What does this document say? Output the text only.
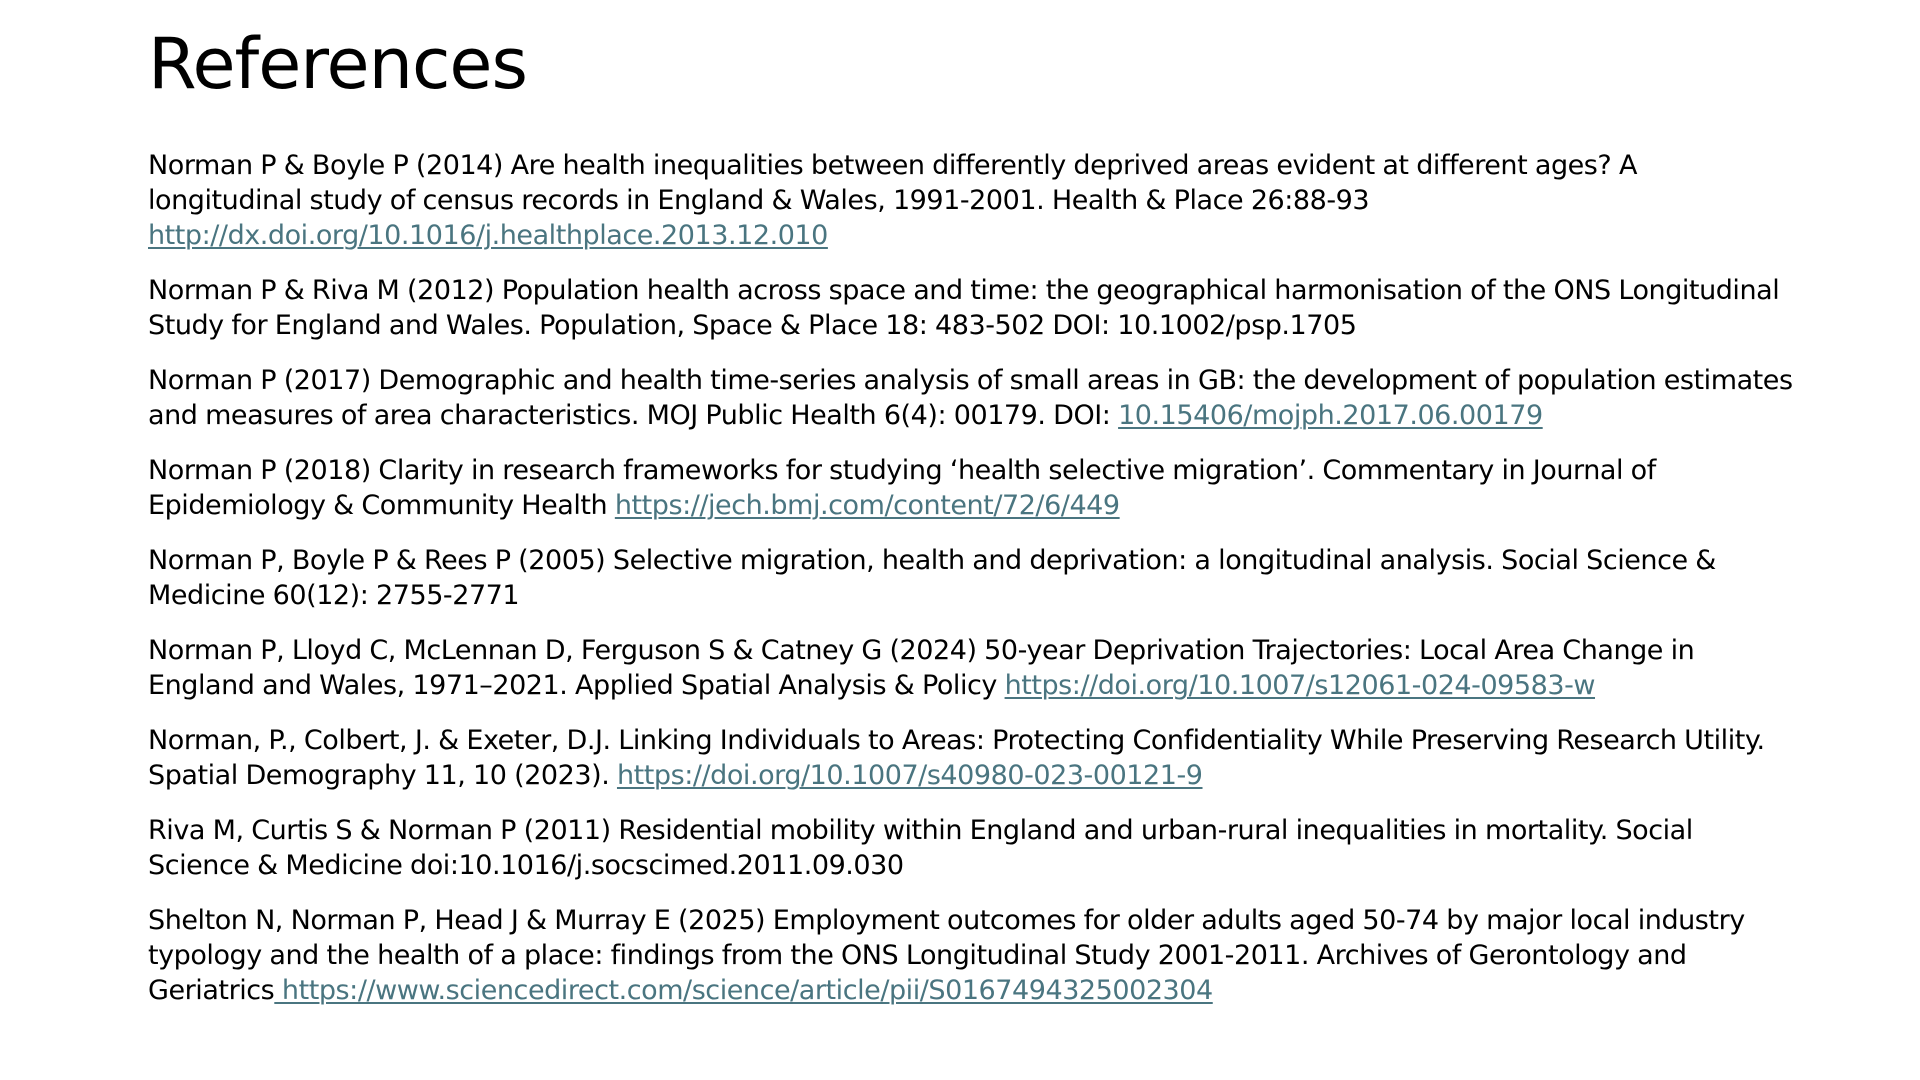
References
Norman P & Boyle P (2014) Are health inequalities between differently deprived areas evident at different ages? A longitudinal study of census records in England & Wales, 1991-2001. Health & Place 26:88-93
http://dx.doi.org/10.1016/j.healthplace.2013.12.010
Norman P & Riva M (2012) Population health across space and time: the geographical harmonisation of the ONS Longitudinal Study for England and Wales. Population, Space & Place 18: 483-502 DOI: 10.1002/psp.1705
Norman P (2017) Demographic and health time-series analysis of small areas in GB: the development of population estimates and measures of area characteristics. MOJ Public Health 6(4): 00179. DOI: 10.15406/mojph.2017.06.00179
Norman P (2018) Clarity in research frameworks for studying ‘health selective migration’. Commentary in Journal of Epidemiology & Community Health https://jech.bmj.com/content/72/6/449
Norman P, Boyle P & Rees P (2005) Selective migration, health and deprivation: a longitudinal analysis. Social Science & Medicine 60(12): 2755-2771
Norman P, Lloyd C, McLennan D, Ferguson S & Catney G (2024) 50-year Deprivation Trajectories: Local Area Change in England and Wales, 1971–2021. Applied Spatial Analysis & Policy https://doi.org/10.1007/s12061-024-09583-w
Norman, P., Colbert, J. & Exeter, D.J. Linking Individuals to Areas: Protecting Confidentiality While Preserving Research Utility. Spatial Demography 11, 10 (2023). https://doi.org/10.1007/s40980-023-00121-9
Riva M, Curtis S & Norman P (2011) Residential mobility within England and urban-rural inequalities in mortality. Social Science & Medicine doi:10.1016/j.socscimed.2011.09.030
Shelton N, Norman P, Head J & Murray E (2025) Employment outcomes for older adults aged 50-74 by major local industry typology and the health of a place: findings from the ONS Longitudinal Study 2001-2011. Archives of Gerontology and Geriatrics https://www.sciencedirect.com/science/article/pii/S0167494325002304
